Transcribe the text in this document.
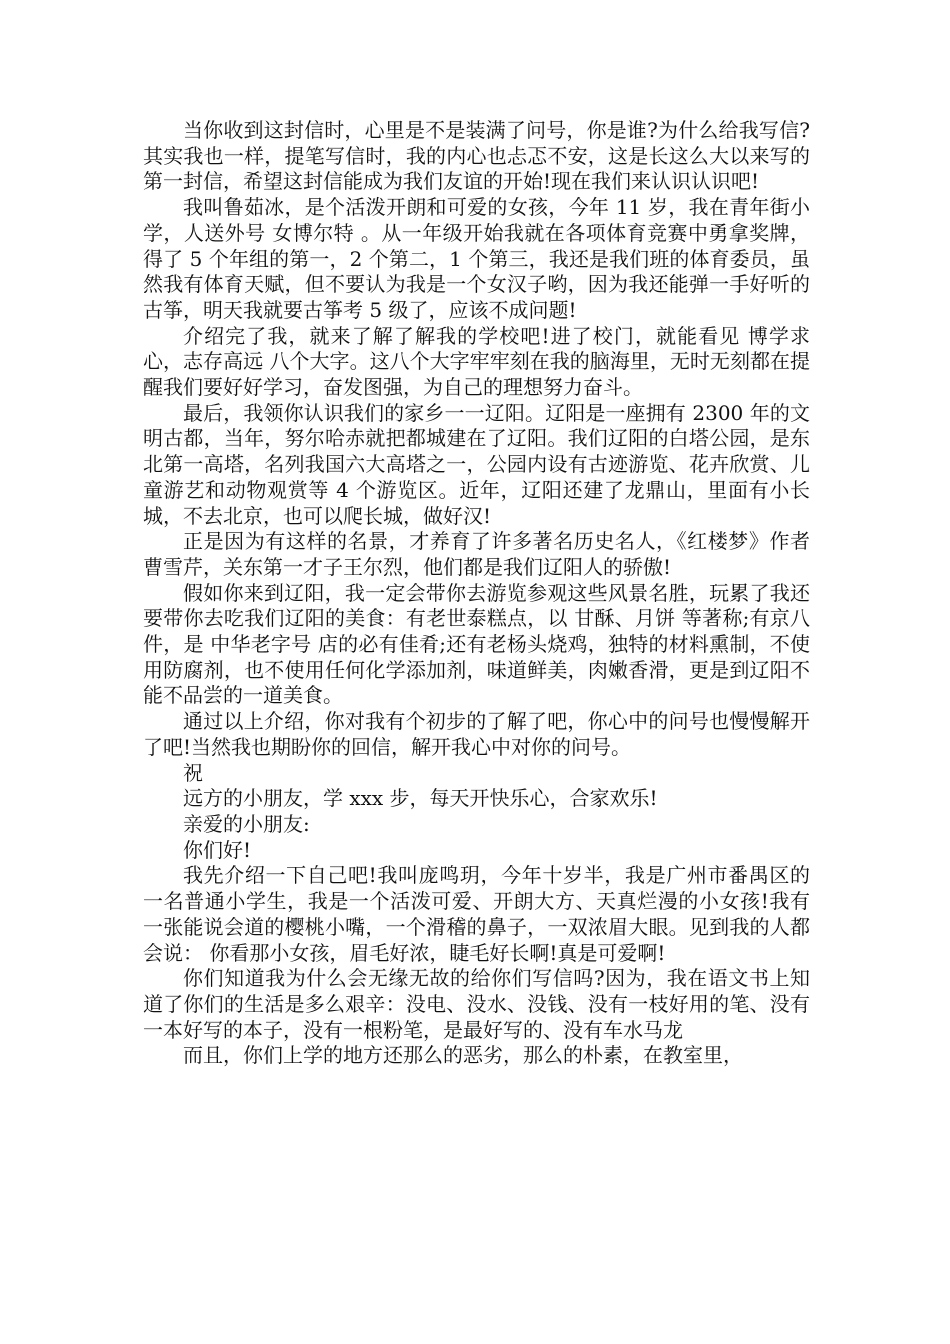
当你收到这封信时，心里是不是装满了问号，你是谁?为什么给我写信?其实我也一样，提笔写信时，我的内心也忐忑不安，这是长这么大以来写的第一封信，希望这封信能成为我们友谊的开始!现在我们来认识认识吧!

我叫鲁茹冰，是个活泼开朗和可爱的女孩，今年 11 岁，我在青年街小学，人送外号 女博尔特 。从一年级开始我就在各项体育竞赛中勇拿奖牌，得了 5 个年组的第一，2 个第二，1 个第三，我还是我们班的体育委员，虽然我有体育天赋，但不要认为我是一个女汉子哟，因为我还能弹一手好听的古筝，明天我就要古筝考 5 级了，应该不成问题!

介绍完了我，就来了解了解我的学校吧!进了校门，就能看见 博学求心，志存高远 八个大字。这八个大字牢牢刻在我的脑海里，无时无刻都在提醒我们要好好学习，奋发图强，为自己的理想努力奋斗。

最后，我领你认识我们的家乡一一辽阳。辽阳是一座拥有 2300 年的文明古都，当年，努尔哈赤就把都城建在了辽阳。我们辽阳的白塔公园，是东北第一高塔，名列我国六大高塔之一，公园内设有古迹游览、花卉欣赏、儿童游艺和动物观赏等 4 个游览区。近年，辽阳还建了龙鼎山，里面有小长城，不去北京，也可以爬长城，做好汉!

正是因为有这样的名景，才养育了许多著名历史名人，《红楼梦》作者曹雪芹，关东第一才子王尔烈，他们都是我们辽阳人的骄傲!

假如你来到辽阳，我一定会带你去游览参观这些风景名胜，玩累了我还要带你去吃我们辽阳的美食：有老世泰糕点，以 甘酥、月饼 等著称;有京八件，是 中华老字号 店的必有佳肴;还有老杨头烧鸡，独特的材料熏制，不使用防腐剂，也不使用任何化学添加剂，味道鲜美，肉嫩香滑，更是到辽阳不能不品尝的一道美食。

通过以上介绍，你对我有个初步的了解了吧，你心中的问号也慢慢解开了吧!当然我也期盼你的回信，解开我心中对你的问号。

祝

远方的小朋友，学 xxx 步，每天开快乐心，合家欢乐!

亲爱的小朋友:

你们好!

我先介绍一下自己吧!我叫庞鸣玥，今年十岁半，我是广州市番禺区的一名普通小学生，我是一个活泼可爱、开朗大方、天真烂漫的小女孩!我有一张能说会道的樱桃小嘴，一个滑稽的鼻子，一双浓眉大眼。见到我的人都会说： 你看那小女孩，眉毛好浓，睫毛好长啊!真是可爱啊!

你们知道我为什么会无缘无故的给你们写信吗?因为，我在语文书上知道了你们的生活是多么艰辛：没电、没水、没钱、没有一枝好用的笔、没有一本好写的本子，没有一根粉笔，是最好写的、没有车水马龙

而且，你们上学的地方还那么的恶劣，那么的朴素，在教室里，
